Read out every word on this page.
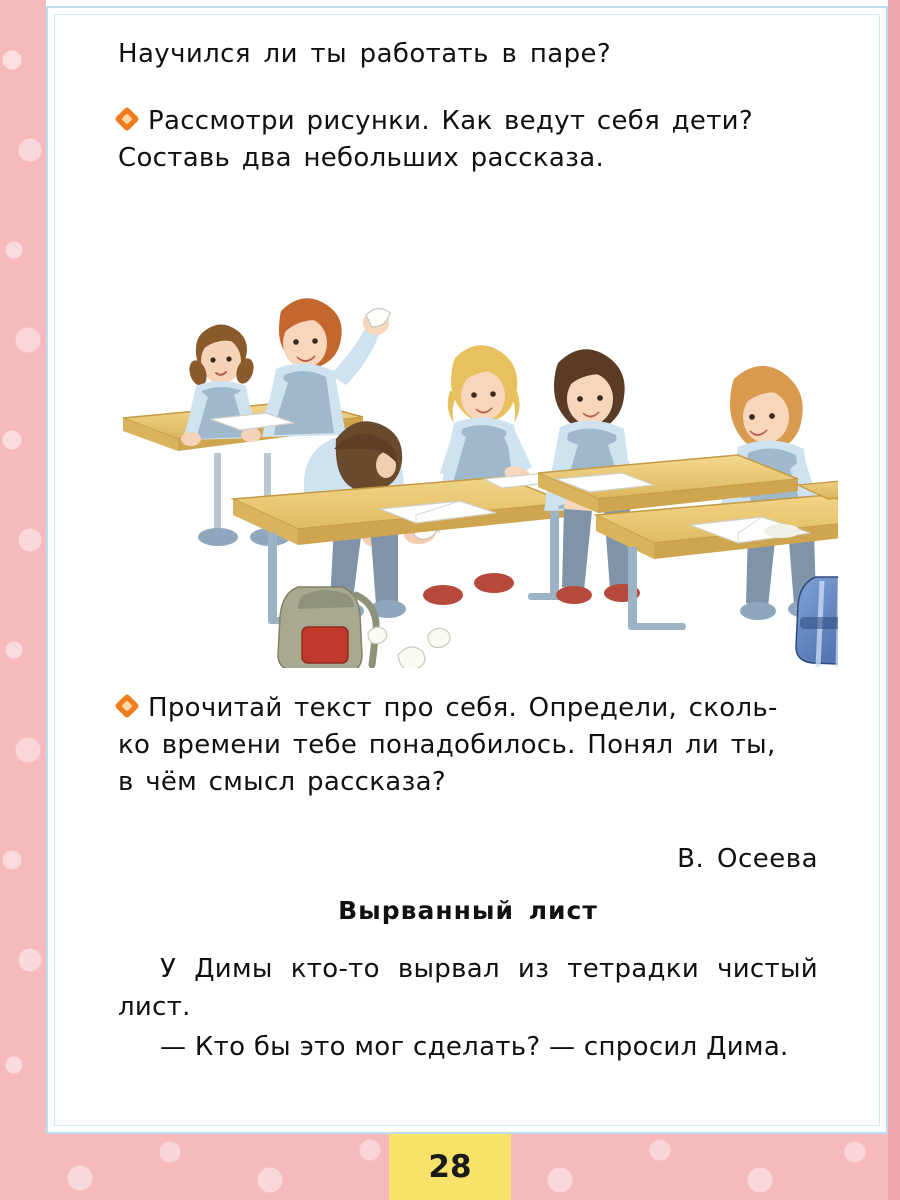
Научился ли ты работать в паре?
Рассмотри рисунки. Как ведут себя дети?
Составь два небольших рассказа.
Прочитай текст про себя. Определи, сколь-
ко времени тебе понадобилось. Понял ли ты,
в чём смысл рассказа?
В. Осеева
Вырванный лист
У Димы кто-то вырвал из тетрадки чистый лист.
— Кто бы это мог сделать? — спросил Дима.
28
